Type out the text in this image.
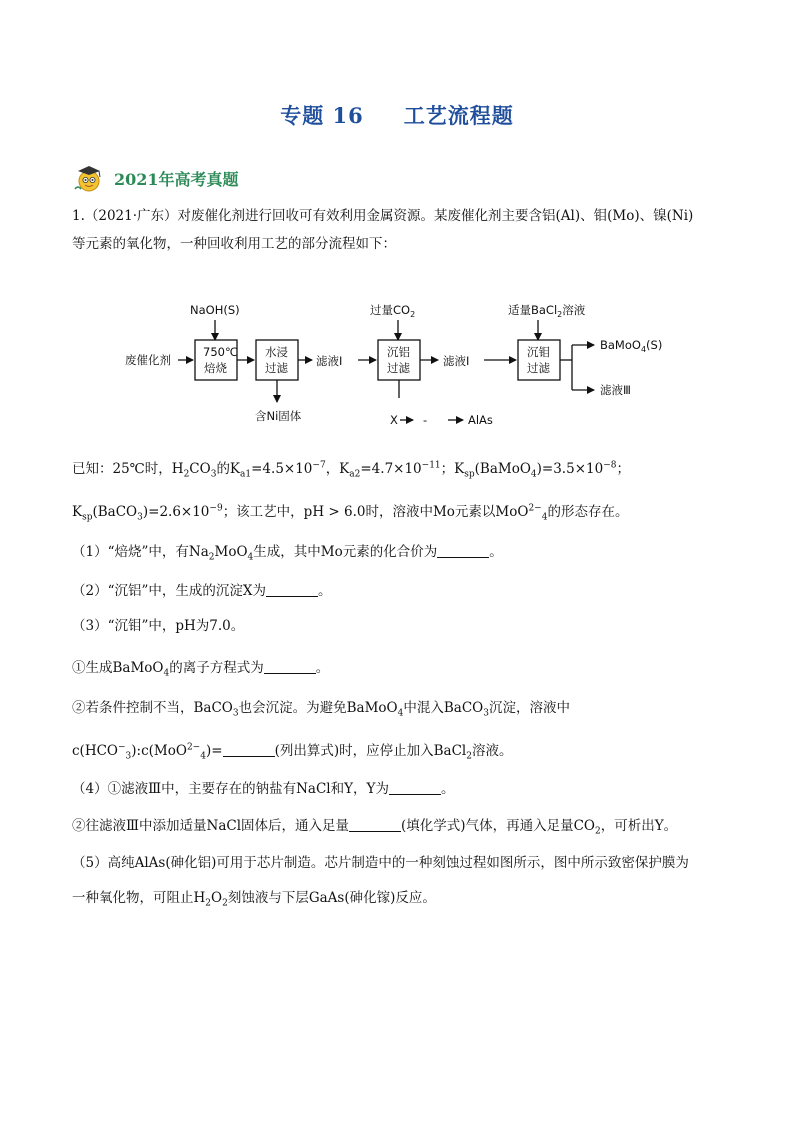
专题 16 工艺流程题
2021年高考真题
1.（2021·广东）对废催化剂进行回收可有效利用金属资源。某废催化剂主要含铝(Al)、钼(Mo)、镍(Ni)
等元素的氧化物，一种回收利用工艺的部分流程如下：
废催化剂
NaOH(S)
750℃
焙烧
水浸
过滤
含Ni固体
滤液Ⅰ
过量$CO_2$
沉铝
过滤
X -	AlAs
滤液Ⅰ
适量BaCl$_2$溶液
沉钼
过滤
BaMoO$_4$(S)
滤液Ⅲ
已知：25℃时，$H_2CO_3$的$K_{a1}=4.5\times 10^{-7}$，$K_{a2}=4.7\times 10^{-11}$；$K_{sp}(BaMoO_4)=3.5\times 10^{-8}$；
$K_{sp}(BaCO_3)=2.6\times 10^{-9}$；该工艺中，pH > 6.0时，溶液中Mo元素以MoO$^{2-}_4$的形态存在。
（1）“焙烧”中，有$Na_2MoO_4$生成，其中Mo元素的化合价为	。
（2）“沉铝”中，生成的沉淀X为	。
（3）“沉钼”中，pH为7.0。
①生成BaMoO$_4$的离子方程式为	。
②若条件控制不当，BaCO$_3$也会沉淀。为避免BaMoO$_4$中混入BaCO$_3$沉淀，溶液中
$c(HCO^-_3):c(MoO^{2-}_4)=$	(列出算式)时，应停止加入BaCl$_2$溶液。
（4）①滤液Ⅲ中，主要存在的钠盐有NaCl和Y，Y为	。
②往滤液Ⅲ中添加适量NaCl固体后，通入足量	(填化学式)气体，再通入足量$CO_2$，可析出Y。
（5）高纯AlAs(砷化铝)可用于芯片制造。芯片制造中的一种刻蚀过程如图所示，图中所示致密保护膜为
一种氧化物，可阻止$H_2O_2$刻蚀液与下层GaAs(砷化镓)反应。
